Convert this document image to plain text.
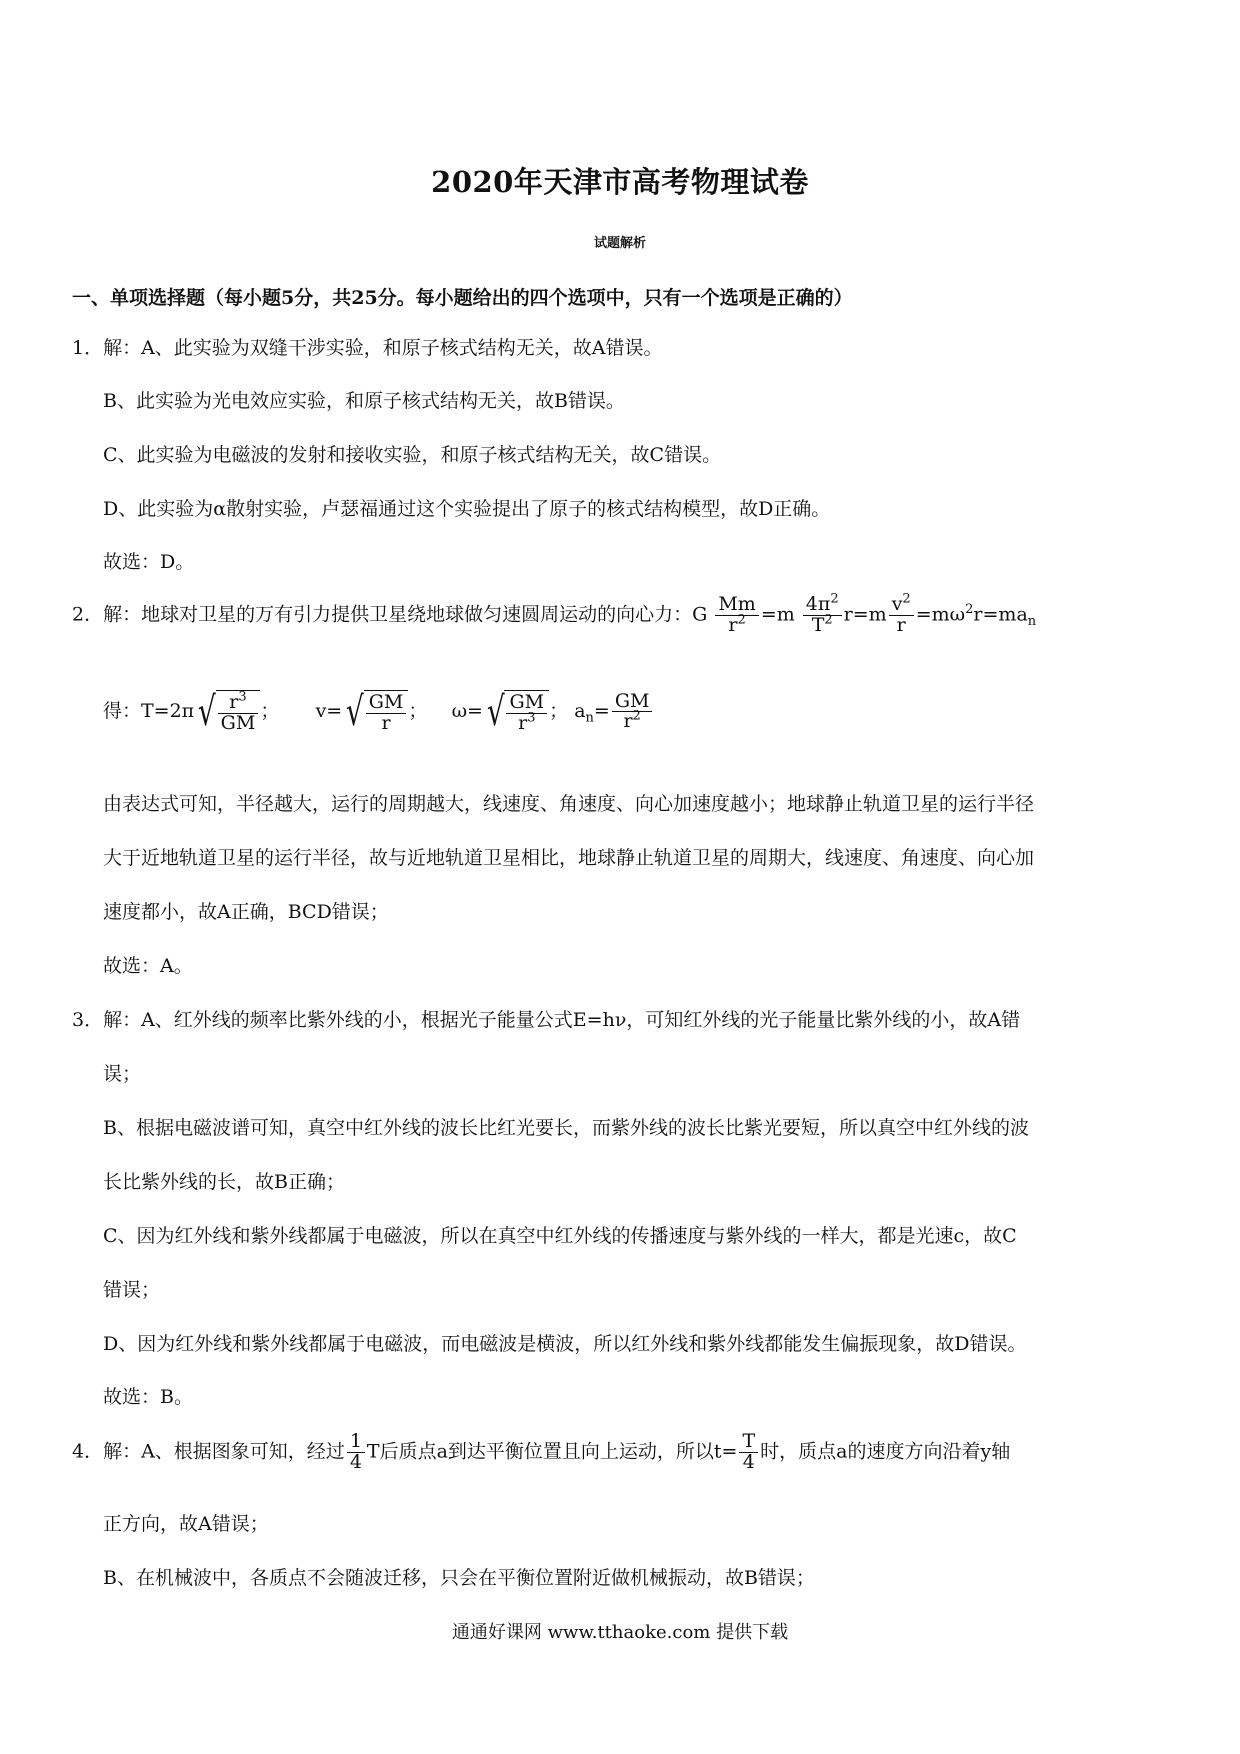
2020年天津市高考物理试卷
试题解析
一、单项选择题（每小题5分，共25分。每小题给出的四个选项中，只有一个选项是正确的）
1．解：A、此实验为双缝干涉实验，和原子核式结构无关，故A错误。
B、此实验为光电效应实验，和原子核式结构无关，故B错误。
C、此实验为电磁波的发射和接收实验，和原子核式结构无关，故C错误。
D、此实验为α散射实验，卢瑟福通过这个实验提出了原子的核式结构模型，故D正确。
故选：D。
2．解：地球对卫星的万有引力提供卫星绕地球做匀速圆周运动的向心力：G $\frac{Mm}{r^2} =m \frac{4\pi^2}{T^2} r=m \frac{v^2}{r} =m\omega^2r=ma_n$
得：$T=2\pi√ \frac{r^3}{GM}$ ； $v=√ \frac{GM}{r}$ ； $\omega=√ \frac{GM}{r^3}$ ； $a_n= \frac{GM}{r^2}$
由表达式可知，半径越大，运行的周期越大，线速度、角速度、向心加速度越小；地球静止轨道卫星的运行半径
大于近地轨道卫星的运行半径，故与近地轨道卫星相比，地球静止轨道卫星的周期大，线速度、角速度、向心加
速度都小，故A正确，BCD错误；
故选：A。
3．解：A、红外线的频率比紫外线的小，根据光子能量公式E=hν，可知红外线的光子能量比紫外线的小，故A错
误；
B、根据电磁波谱可知，真空中红外线的波长比红光要长，而紫外线的波长比紫光要短，所以真空中红外线的波
长比紫外线的长，故B正确；
C、因为红外线和紫外线都属于电磁波，所以在真空中红外线的传播速度与紫外线的一样大，都是光速c，故C
错误；
D、因为红外线和紫外线都属于电磁波，而电磁波是横波，所以红外线和紫外线都能发生偏振现象，故D错误。
故选：B。
4．解：A、根据图象可知，经过 $\frac{1}{4}$ T后质点a到达平衡位置且向上运动，所以$t= \frac{T}{4}$ 时，质点a的速度方向沿着y轴
正方向，故A错误；
B、在机械波中，各质点不会随波迁移，只会在平衡位置附近做机械振动，故B错误；
通通好课网 www.tthaoke.com 提供下载
